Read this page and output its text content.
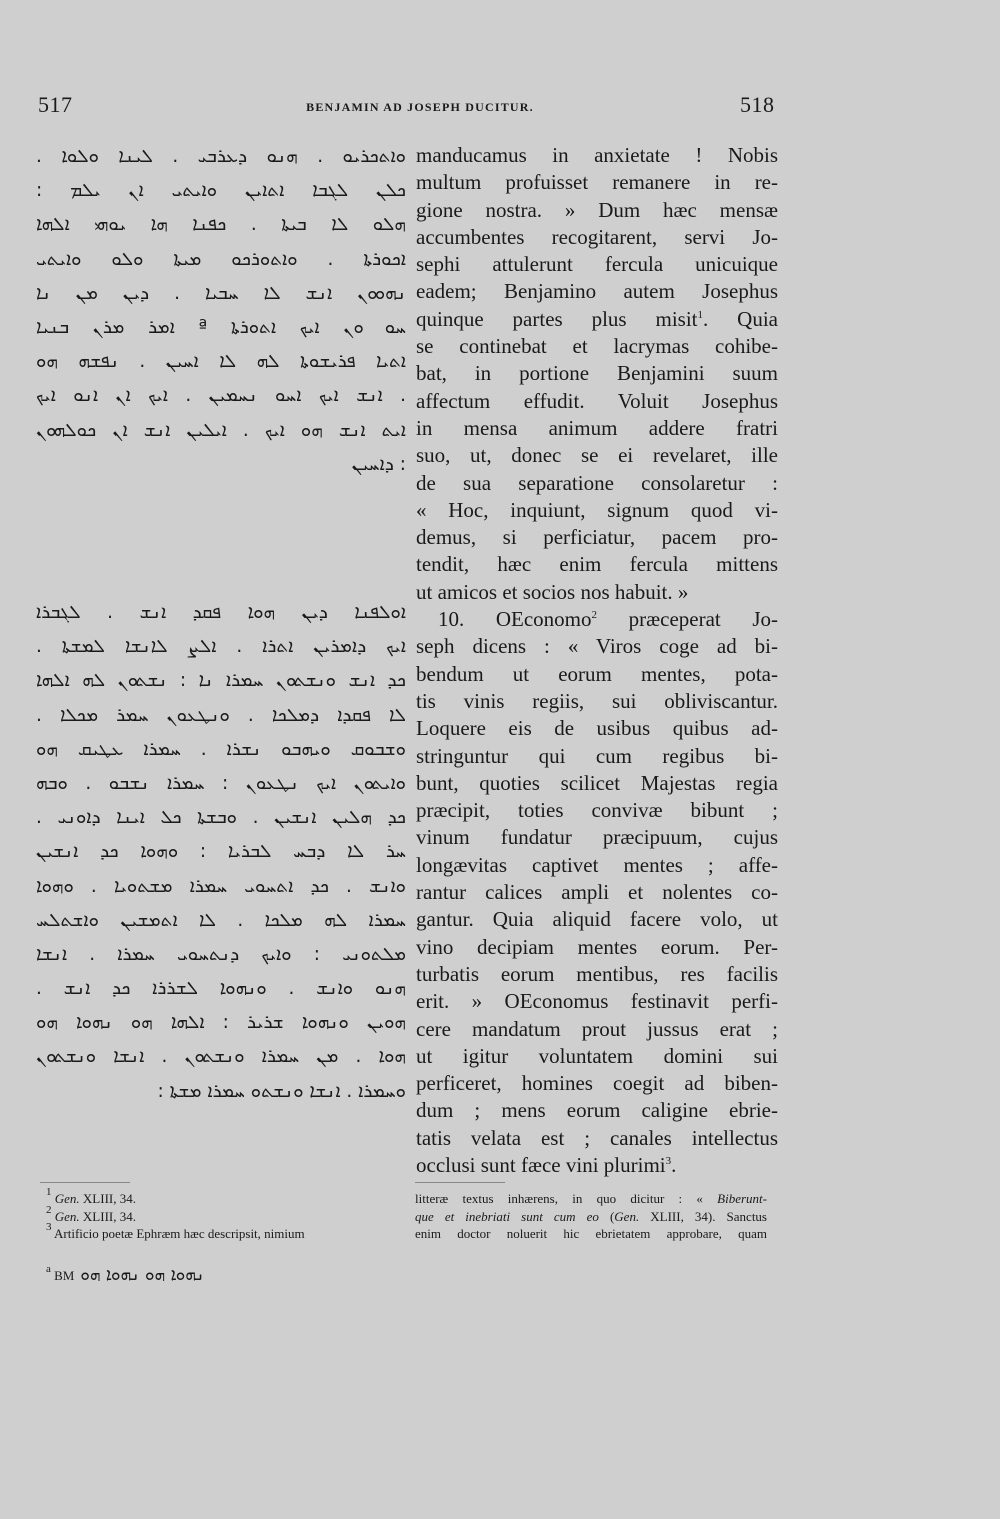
517	BENJAMIN AD JOSEPH DUCITUR.	518
ܘܐܬܟܪܝܘ . ܗܢܘ ܕܥܪܒܝ . ܠܝܢܐ ܘܠܘܐ .
ܟܠܢ ܠܓܒܐ ܐܬܐܝܢ ܘܐܝܬܝ ܐܢ ܝܠܡ :
ܗܠܘ ܠܐ ܒܝܬܐ . ܟܦܢܐ ܗܐ ܝܘܗܝ ܐܠܗܐ
ܐܟܘܪܬܐ . ܘܐܬܘܪܟܘ ܡܝܬܐ ܘܠܘ ܘܐܝܬܝ
ܢܗܘܘܢ ܐܢܫ ܠܐ ܚܒܝܐ . ܕܝܢ ܡܢ ܢܐ
ܚܘ ܘܢ ܐܝܟ ܐܬܘܪܬܐ ª ܐܡܪ ܡܪܢ ܒܢܝܐ
ܐܬܝܐ ܦܪܝܫܘܬܐ ܠܗ ܠܐ ܐܚܝܢ . ܢܦܫܗ ܗܘ
. ܐܢܫ ܐܝܟ ܐܚܘ ܢܚܡܝܢ . ܐܝܟ ܐܢ ܐܢܘ ܐܝܟ
ܐܝܬ ܐܢܫ ܗܘ ܐܝܟ . ܐܝܠܝܢ ܐܢܫ ܐܢ ܟܘܠܗܘܢ
: ܕܐܚܝܢ
ܐܘܠܦܢܐ ܕܝܢ ܗܘܐ ܦܩܕ ܐܢܫ . ܠܓܒܪܐ
ܐܝܟ ܕܐܡܪܝܢ ܐܬܪܐ . ܐܠܨ ܠܐܢܫܐ ܠܡܫܬܐ .
ܟܕ ܐܢܫ ܘܢܫܬܘܢ ܚܡܪܐ ܢܐ : ܢܫܬܘܢ ܠܗ ܐܠܗܐ
ܠܐ ܦܩܕܐ ܕܡܠܟܐ . ܘܢܛܥܘܢ ܚܡܪ ܡܟܠܐ .
ܘܫܒܘܩ ܘܝܗܒܘ ܢܫܪܐ . ܚܡܪܐ ܥܛܝܩ ܗܘ
ܘܐܝܬܘܢ ܐܝܟ ܢܛܥܘܢ : ܚܡܪܐ ܢܫܒܘ . ܘܒܗ
ܟܕ ܗܠܝܢ ܐܢܫܝܢ . ܘܒܫܬܐ ܟܠ ܐܝܢܐ ܕܐܘܢܝ .
ܚܪ ܠܐ ܕܒܚ ܠܒܪܝܐ : ܘܗܘܐ ܟܕ ܐܢܫܝܢ
ܘܐܢܫ . ܟܕ ܐܬܚܘܝ ܚܡܪܐ ܡܫܬܘܝܐ . ܘܗܘܐ
ܚܡܪܐ ܠܗ ܡܠܟܐ . ܠܐ ܐܬܡܫܝܢ ܘܐܫܬܠܚ
ܡܠܬܘܢܝ : ܘܐܝܟ ܕܢܬܚܘܝ ܚܡܪܐ . ܐܢܫܐ
ܗܢܘ ܘܐܢܫ . ܘܢܗܘܐ ܠܫܪܪܐ ܟܕ ܐܢܫ .
ܗܘܝܢ ܘܢܗܘܐ ܫܪܝܪ : ܐܠܗܐ ܗܘ ܢܗܘܐ ܗܘ
ܗܘܐ . ܡܢ ܚܡܪܐ ܘܢܫܬܘܢ . ܐܢܫܐ ܘܢܫܬܘܢ
ܘܚܡܪܐ . ܐܢܫܐ ܘܢܫܬܘ ܚܡܪܐ ܡܫܬܐ :

manducamus in anxietate ! Nobis
multum profuisset remanere in re-
gione nostra. » Dum hæc mensæ
accumbentes recogitarent, servi Jo-
sephi attulerunt fercula unicuique
eadem; Benjamino autem Josephus
quinque partes plus misit$^1$. Quia
se continebat et lacrymas cohibe-
bat, in portione Benjamini suum
affectum effudit. Voluit Josephus
in mensa animum addere fratri
suo, ut, donec se ei revelaret, ille
de sua separatione consolaretur :
« Hoc, inquiunt, signum quod vi-
demus, si perficiatur, pacem pro-
tendit, hæc enim fercula mittens
ut amicos et socios nos habuit. »

10. OEconomo$^2$ præceperat Jo-
seph dicens : « Viros coge ad bi-
bendum ut eorum mentes, pota-
tis vinis regiis, sui obliviscantur.
Loquere eis de usibus quibus ad-
stringuntur qui cum regibus bi-
bunt, quoties scilicet Majestas regia
præcipit, toties convivæ bibunt ;
vinum fundatur præcipuum, cujus
longævitas captivet mentes ; affe-
rantur calices ampli et nolentes co-
gantur. Quia aliquid facere volo, ut
vino decipiam mentes eorum. Per-
turbatis eorum mentibus, res facilis
erit. » OEconomus festinavit perfi-
cere mandatum prout jussus erat ;
ut igitur voluntatem domini sui
perficeret, homines coegit ad biben-
dum ; mens eorum caligine ebrie-
tatis velata est ; canales intellectus
occlusi sunt fæce vini plurimi$^3$.

$^1$ Gen. XLIII, 34.
$^2$ Gen. XLIII, 34.
$^3$ Artificio poetæ Ephræm hæc descripsit, nimium
litteræ textus inhærens, in quo dicitur : « Biberunt-
que et inebriati sunt cum eo (Gen. XLIII, 34). Sanctus
enim doctor noluerit hic ebrietatem approbare, quam
$^a$ BM ܢܗܘܐ ܗܘ ܢܗܘܐ ܗܘ
